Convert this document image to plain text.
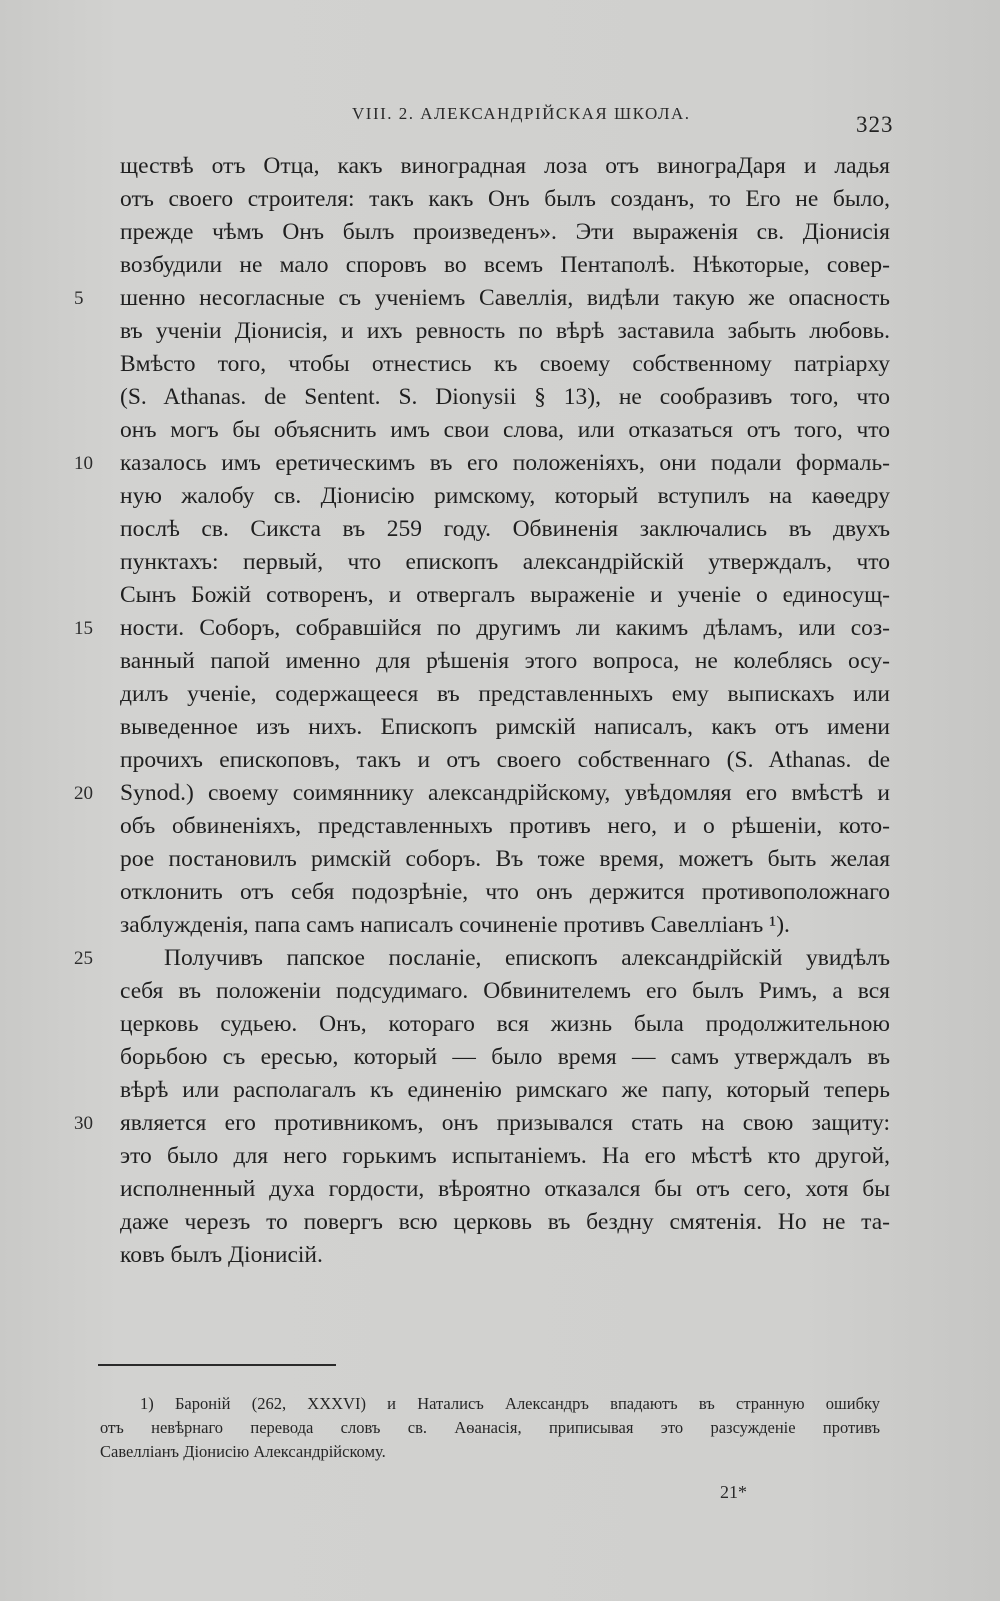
VIII. 2. АЛЕКСАНДРІЙСКАЯ ШКОЛА.	323
ществѣ отъ Отца, какъ виноградная лоза отъ винограДаря и ладья
отъ своего строителя: такъ какъ Онъ былъ созданъ, то Его не было,
прежде чѣмъ Онъ былъ произведенъ». Эти выраженія св. Діонисія
возбудили не мало споровъ во всемъ Пентаполѣ. Нѣкоторые, совер-
шенно несогласные съ ученіемъ Савеллія, видѣли такую же опасность
въ ученіи Діонисія, и ихъ ревность по вѣрѣ заставила забыть любовь.
Вмѣсто того, чтобы отнестись къ своему собственному патріарху
(S. Athanas. de Sentent. S. Dionysii § 13), не сообразивъ того, что
онъ могъ бы объяснить имъ свои слова, или отказаться отъ того, что
казалось имъ еретическимъ въ его положеніяхъ, они подали формаль-
ную жалобу св. Діонисію римскому, который вступилъ на каѳедру
послѣ св. Сикста въ 259 году. Обвиненія заключались въ двухъ
пунктахъ: первый, что епископъ александрійскій утверждалъ, что
Сынъ Божій сотворенъ, и отвергалъ выраженіе и ученіе о единосущ-
ности. Соборъ, собравшійся по другимъ ли какимъ дѣламъ, или соз-
ванный папой именно для рѣшенія этого вопроса, не колеблясь осу-
дилъ ученіе, содержащееся въ представленныхъ ему выпискахъ или
выведенное изъ нихъ. Епископъ римскій написалъ, какъ отъ имени
прочихъ епископовъ, такъ и отъ своего собственнаго (S. Athanas. de
Synod.) своему соимяннику александрійскому, увѣдомляя его вмѣстѣ и
объ обвиненіяхъ, представленныхъ противъ него, и о рѣшеніи, кото-
рое постановилъ римскій соборъ. Въ тоже время, можетъ быть желая
отклонить отъ себя подозрѣніе, что онъ держится противоположнаго
заблужденія, папа самъ написалъ сочиненіе противъ Савелліанъ ¹).
Получивъ папское посланіе, епископъ александрійскій увидѣлъ
себя въ положеніи подсудимаго. Обвинителемъ его былъ Римъ, а вся
церковь судьею. Онъ, котораго вся жизнь была продолжительною
борьбою съ ересью, который — было время — самъ утверждалъ въ
вѣрѣ или располагалъ къ единенію римскаго же папу, который теперь
является его противникомъ, онъ призывался стать на свою защиту:
это было для него горькимъ испытаніемъ. На его мѣстѣ кто другой,
исполненный духа гордости, вѣроятно отказался бы отъ сего, хотя бы
даже черезъ то повергъ всю церковь въ бездну смятенія. Но не та-
ковъ былъ Діонисій.
5
10
15
20
25
30
1) Бароній (262, XXXVI) и Наталисъ Александръ впадаютъ въ странную ошибку
отъ невѣрнаго перевода словъ св. Аѳанасія, приписывая это разсужденіе противъ
Савелліанъ Діонисію Александрійскому.
21*
